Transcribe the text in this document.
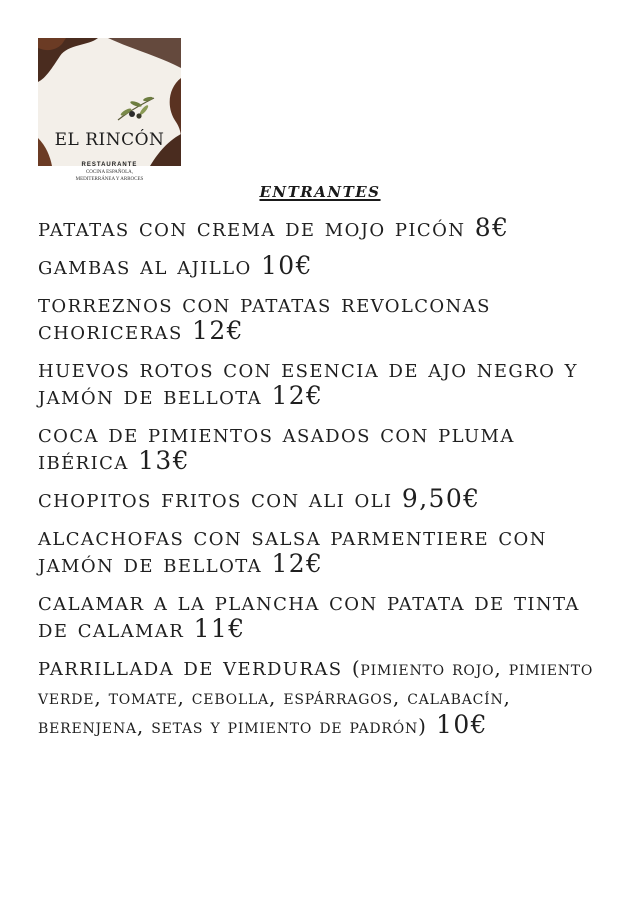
EL RINCÓN
RESTAURANTE
COCINA ESPAÑOLA,
MEDITERRÁNEA Y ARROCES	entrantes
patatas con crema de mojo picón 8€
gambas al ajillo 10€
torreznos con patatas revolconas choriceras 12€
huevos rotos con esencia de ajo negro y jamón de bellota 12€
coca de pimientos asados con pluma ibérica 13€
chopitos fritos con ali oli 9,50€
alcachofas con salsa parmentiere con jamón de bellota 12€
calamar a la plancha con patata de tinta de calamar 11€
parrillada de verduras (pimiento rojo, pimiento verde, tomate, cebolla, espárragos, calabacín, berenjena, setas y pimiento de padrón) 10€
